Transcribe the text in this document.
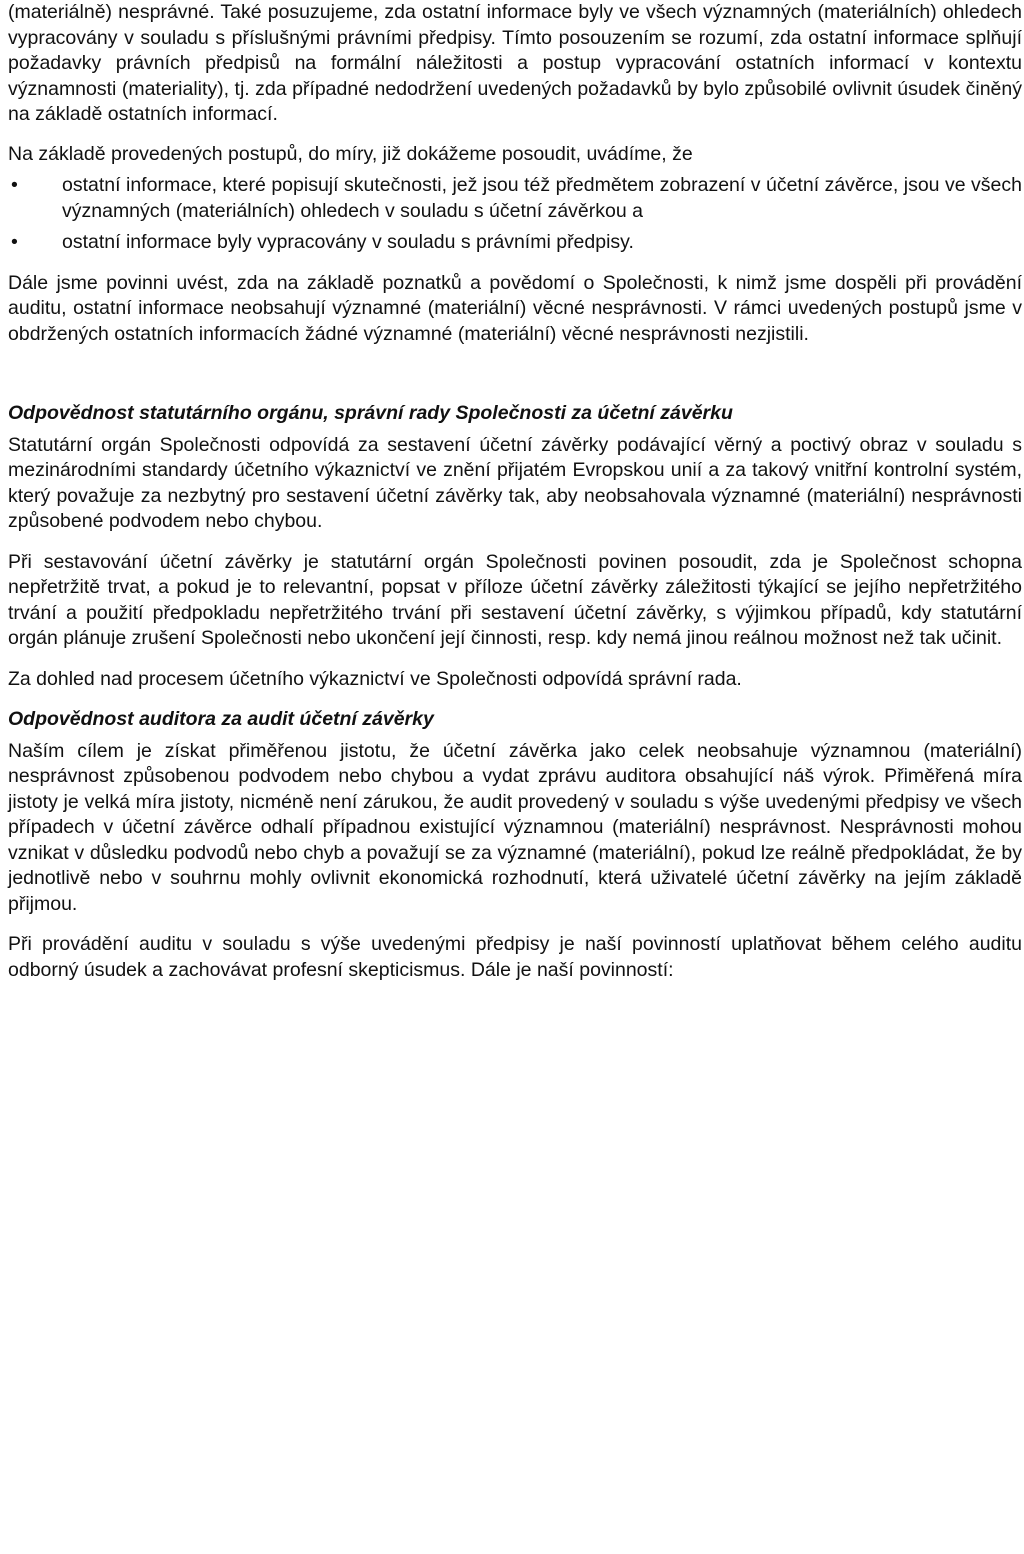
(materiálně) nesprávné. Také posuzujeme, zda ostatní informace byly ve všech významných (materiálních) ohledech vypracovány v souladu s příslušnými právními předpisy. Tímto posouzením se rozumí, zda ostatní informace splňují požadavky právních předpisů na formální náležitosti a postup vypracování ostatních informací v kontextu významnosti (materiality), tj. zda případné nedodržení uvedených požadavků by bylo způsobilé ovlivnit úsudek činěný na základě ostatních informací.

Na základě provedených postupů, do míry, již dokážeme posoudit, uvádíme, že

• ostatní informace, které popisují skutečnosti, jež jsou též předmětem zobrazení v účetní závěrce, jsou ve všech významných (materiálních) ohledech v souladu s účetní závěrkou a
• ostatní informace byly vypracovány v souladu s právními předpisy.

Dále jsme povinni uvést, zda na základě poznatků a povědomí o Společnosti, k nimž jsme dospěli při provádění auditu, ostatní informace neobsahují významné (materiální) věcné nesprávnosti. V rámci uvedených postupů jsme v obdržených ostatních informacích žádné významné (materiální) věcné nesprávnosti nezjistili.

Odpovědnost statutárního orgánu, správní rady Společnosti za účetní závěrku

Statutární orgán Společnosti odpovídá za sestavení účetní závěrky podávající věrný a poctivý obraz v souladu s mezinárodními standardy účetního výkaznictví ve znění přijatém Evropskou unií a za takový vnitřní kontrolní systém, který považuje za nezbytný pro sestavení účetní závěrky tak, aby neobsahovala významné (materiální) nesprávnosti způsobené podvodem nebo chybou.

Při sestavování účetní závěrky je statutární orgán Společnosti povinen posoudit, zda je Společnost schopna nepřetržitě trvat, a pokud je to relevantní, popsat v příloze účetní závěrky záležitosti týkající se jejího nepřetržitého trvání a použití předpokladu nepřetržitého trvání při sestavení účetní závěrky, s výjimkou případů, kdy statutární orgán plánuje zrušení Společnosti nebo ukončení její činnosti, resp. kdy nemá jinou reálnou možnost než tak učinit.

Za dohled nad procesem účetního výkaznictví ve Společnosti odpovídá správní rada.

Odpovědnost auditora za audit účetní závěrky

Naším cílem je získat přiměřenou jistotu, že účetní závěrka jako celek neobsahuje významnou (materiální) nesprávnost způsobenou podvodem nebo chybou a vydat zprávu auditora obsahující náš výrok. Přiměřená míra jistoty je velká míra jistoty, nicméně není zárukou, že audit provedený v souladu s výše uvedenými předpisy ve všech případech v účetní závěrce odhalí případnou existující významnou (materiální) nesprávnost. Nesprávnosti mohou vznikat v důsledku podvodů nebo chyb a považují se za významné (materiální), pokud lze reálně předpokládat, že by jednotlivě nebo v souhrnu mohly ovlivnit ekonomická rozhodnutí, která uživatelé účetní závěrky na jejím základě přijmou.

Při provádění auditu v souladu s výše uvedenými předpisy je naší povinností uplatňovat během celého auditu odborný úsudek a zachovávat profesní skepticismus. Dále je naší povinností:
